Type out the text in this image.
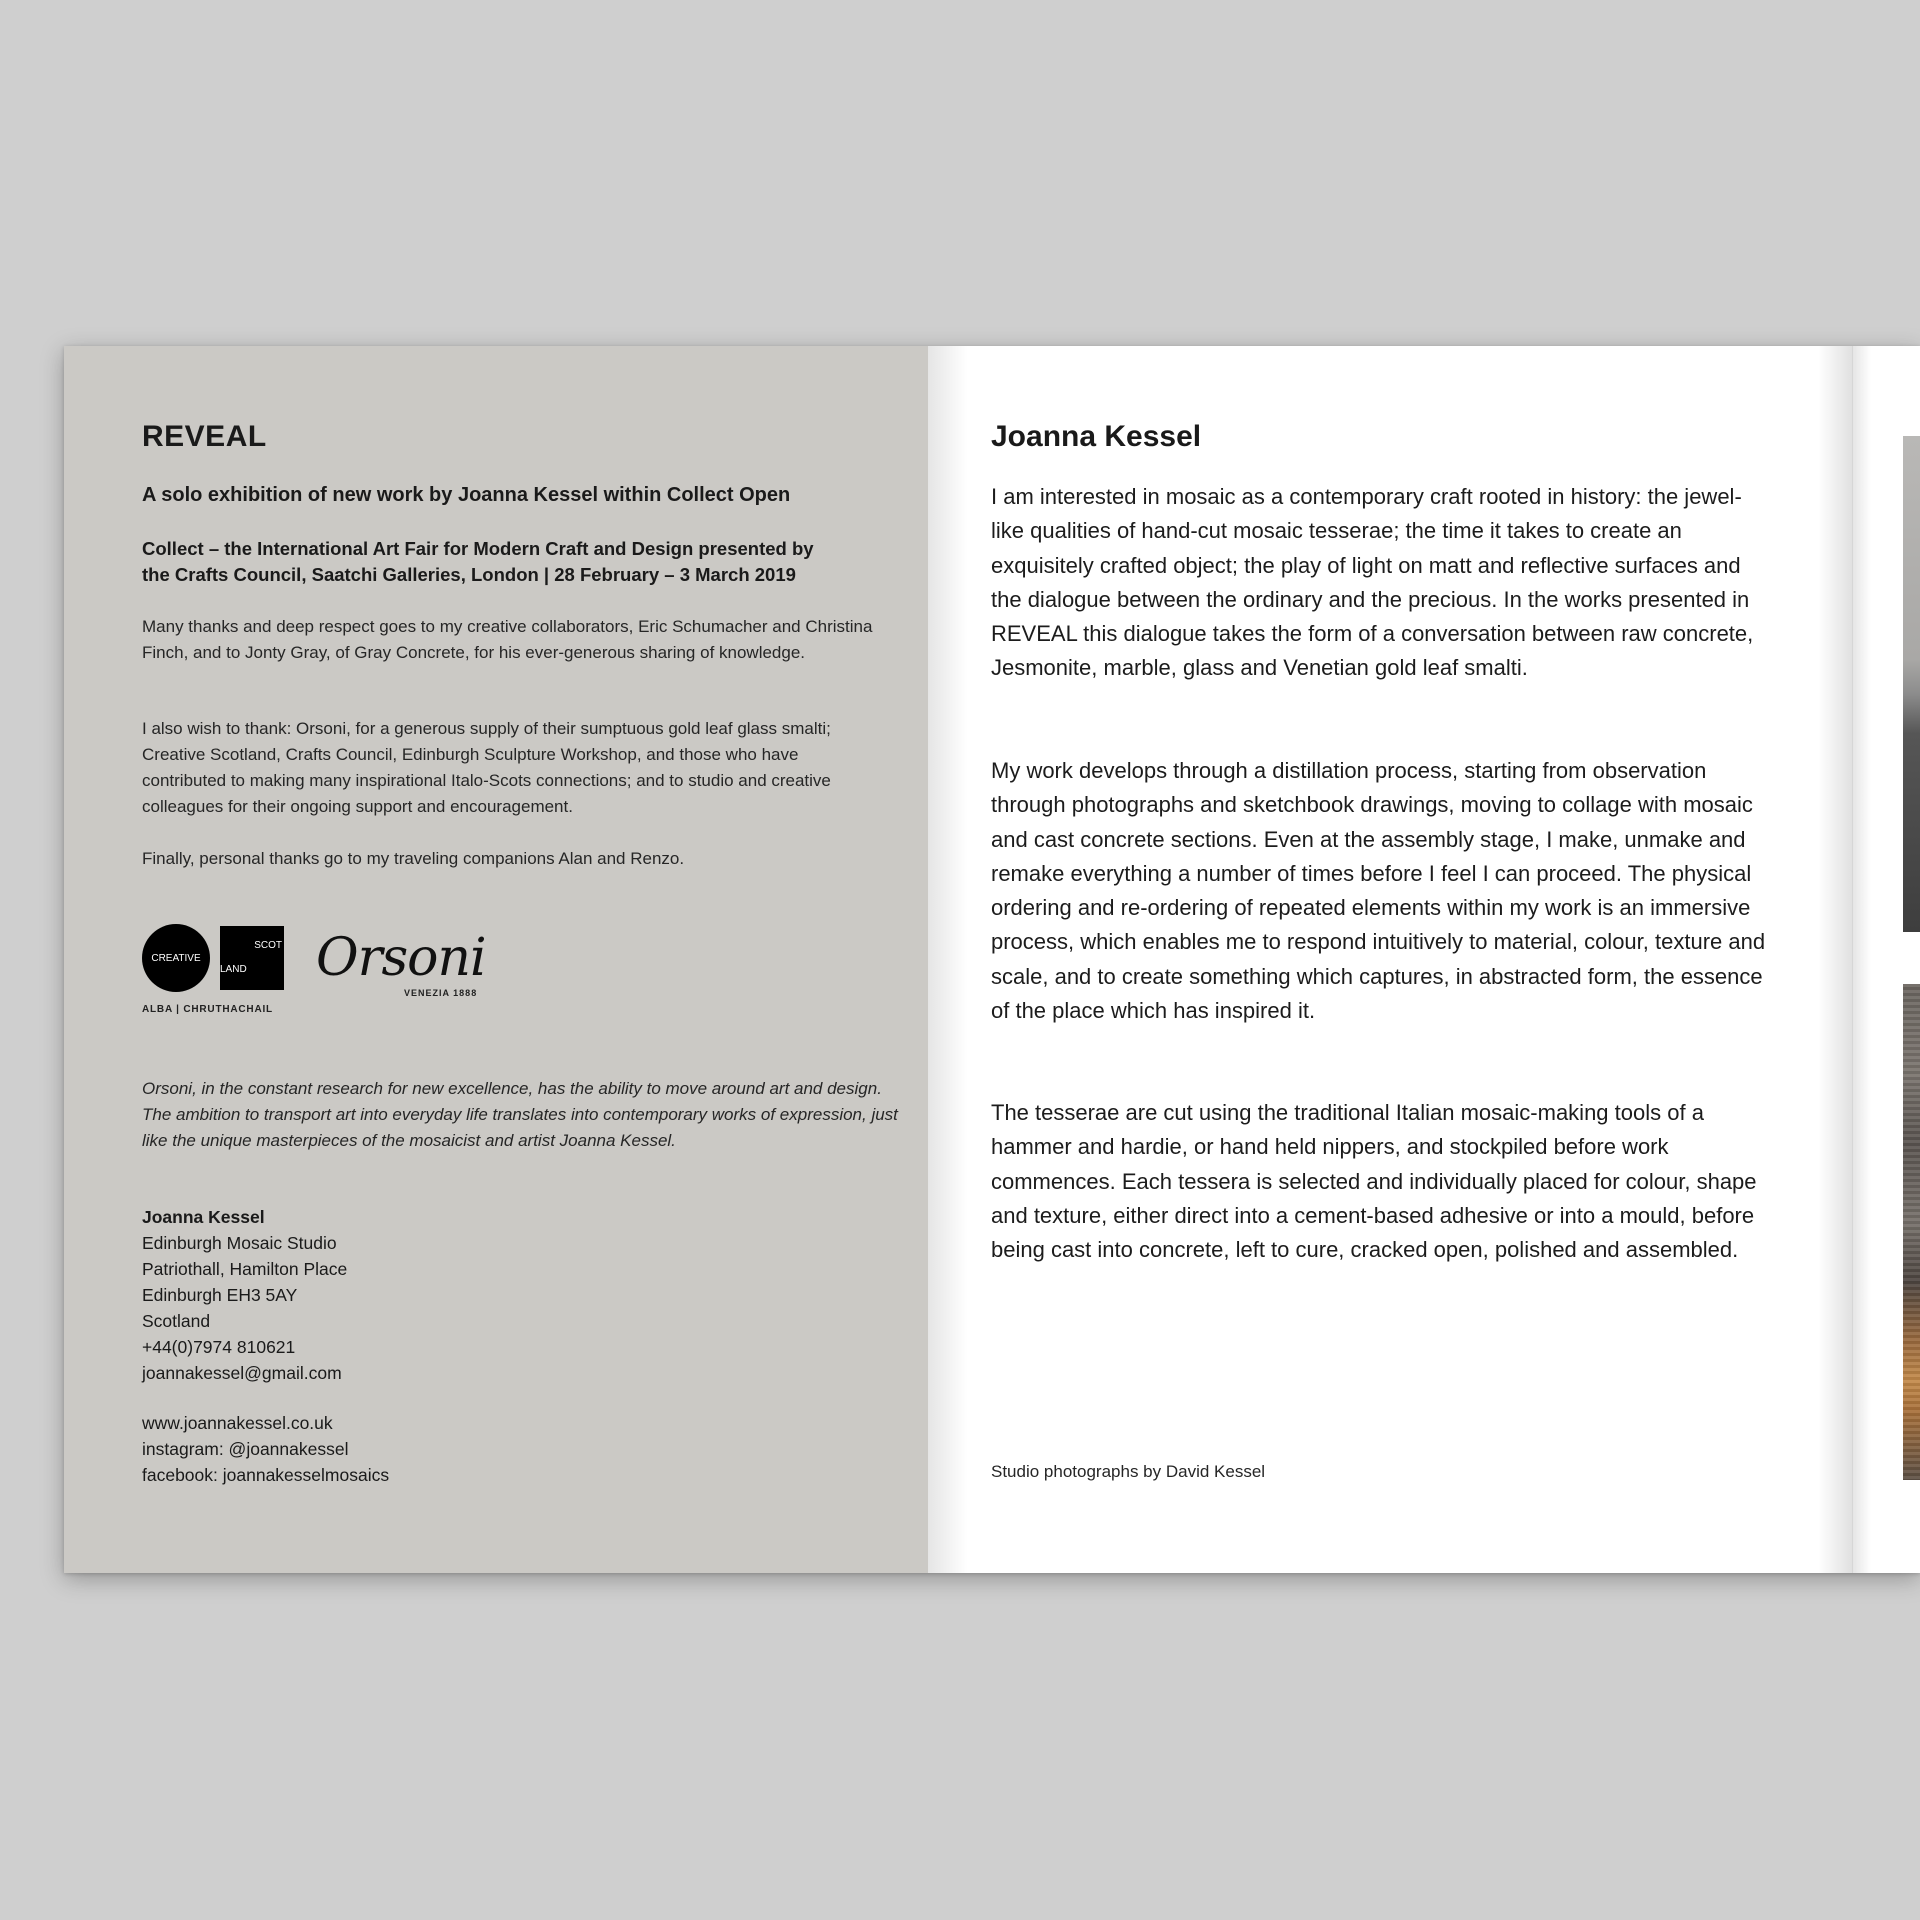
REVEAL
A solo exhibition of new work by Joanna Kessel within Collect Open
Collect – the International Art Fair for Modern Craft and Design presented by
the Crafts Council, Saatchi Galleries, London | 28 February – 3 March 2019
Many thanks and deep respect goes to my creative collaborators, Eric Schumacher and Christina Finch, and to Jonty Gray, of Gray Concrete, for his ever-generous sharing of knowledge.
I also wish to thank: Orsoni, for a generous supply of their sumptuous gold leaf glass smalti; Creative Scotland, Crafts Council, Edinburgh Sculpture Workshop, and those who have contributed to making many inspirational Italo-Scots connections; and to studio and creative colleagues for their ongoing support and encouragement.
Finally, personal thanks go to my traveling companions Alan and Renzo.
CREATIVE
SCOT
LAND
ALBA | CHRUTHACHAIL
Orsoni
VENEZIA 1888
Orsoni, in the constant research for new excellence, has the ability to move around art and design. The ambition to transport art into everyday life translates into contemporary works of expression, just like the unique masterpieces of the mosaicist and artist Joanna Kessel.
Joanna Kessel
Edinburgh Mosaic Studio
Patriothall, Hamilton Place
Edinburgh EH3 5AY
Scotland
+44(0)7974 810621
joannakessel@gmail.com
www.joannakessel.co.uk
instagram: @joannakessel
facebook: joannakesselmosaics
Joanna Kessel
I am interested in mosaic as a contemporary craft rooted in history: the jewel-like qualities of hand-cut mosaic tesserae; the time it takes to create an exquisitely crafted object; the play of light on matt and reflective surfaces and the dialogue between the ordinary and the precious. In the works presented in REVEAL this dialogue takes the form of a conversation between raw concrete, Jesmonite, marble, glass and Venetian gold leaf smalti.
My work develops through a distillation process, starting from observation through photographs and sketchbook drawings, moving to collage with mosaic and cast concrete sections. Even at the assembly stage, I make, unmake and remake everything a number of times before I feel I can proceed. The physical ordering and re-ordering of repeated elements within my work is an immersive process, which enables me to respond intuitively to material, colour, texture and scale, and to create something which captures, in abstracted form, the essence of the place which has inspired it.
The tesserae are cut using the traditional Italian mosaic-making tools of a hammer and hardie, or hand held nippers, and stockpiled before work commences. Each tessera is selected and individually placed for colour, shape and texture, either direct into a cement-based adhesive or into a mould, before being cast into concrete, left to cure, cracked open, polished and assembled.
Studio photographs by David Kessel
